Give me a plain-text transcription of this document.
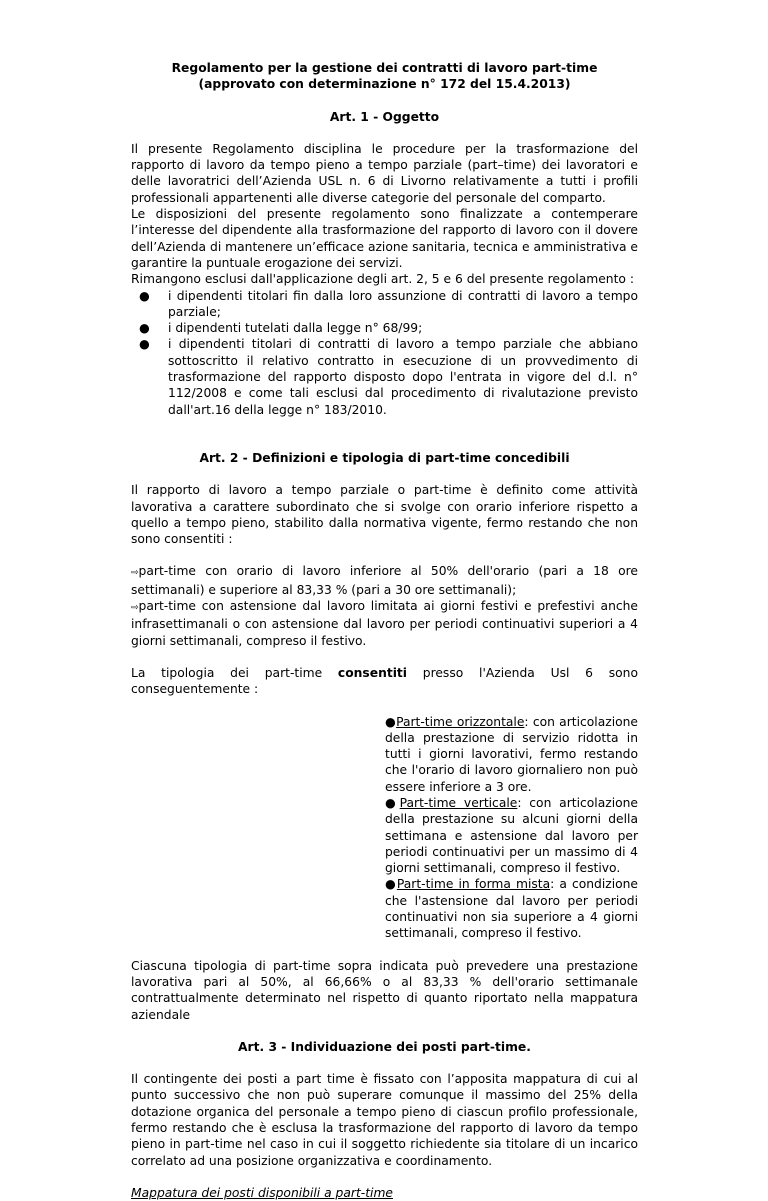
Regolamento per la gestione dei contratti di lavoro part-time

(approvato con determinazione n° 172 del 15.4.2013)

Art. 1 - Oggetto

Il presente Regolamento disciplina le procedure per la trasformazione del rapporto di lavoro da tempo pieno a tempo parziale (part–time) dei lavoratori e delle lavoratrici dell’Azienda USL n. 6 di Livorno relativamente a tutti i profili professionali appartenenti alle diverse categorie del personale del comparto.

Le disposizioni del presente regolamento sono finalizzate a contemperare l’interesse del dipendente alla trasformazione del rapporto di lavoro con il dovere dell’Azienda di mantenere un’efficace azione sanitaria, tecnica e amministrativa e garantire la puntuale erogazione dei servizi.

Rimangono esclusi dall'applicazione degli art. 2, 5 e 6 del presente regolamento :

● i dipendenti titolari fin dalla loro assunzione di contratti di lavoro a tempo parziale;
● i dipendenti tutelati dalla legge n° 68/99;
● i dipendenti titolari di contratti di lavoro a tempo parziale che abbiano sottoscritto il relativo contratto in esecuzione di un provvedimento di trasformazione del rapporto disposto dopo l'entrata in vigore del d.l. n° 112/2008 e come tali esclusi dal procedimento di rivalutazione previsto dall'art.16 della legge n° 183/2010.

Art. 2 - Definizioni e tipologia di part-time concedibili

Il rapporto di lavoro a tempo parziale o part-time è definito come attività lavorativa a carattere subordinato che si svolge con orario inferiore rispetto a quello a tempo pieno, stabilito dalla normativa vigente, fermo restando che non sono consentiti :

⇨part-time con orario di lavoro inferiore al 50% dell'orario (pari a 18 ore settimanali) e superiore al 83,33 % (pari a 30 ore settimanali);

⇨part-time con astensione dal lavoro limitata ai giorni festivi e prefestivi anche infrasettimanali o con astensione dal lavoro per periodi continuativi superiori a 4 giorni settimanali, compreso il festivo.

La tipologia dei part-time consentiti presso l'Azienda Usl 6 sono conseguentemente :

●Part-time orizzontale: con articolazione della prestazione di servizio ridotta in tutti i giorni lavorativi, fermo restando che l'orario di lavoro giornaliero non può essere inferiore a 3 ore.

●Part-time verticale: con articolazione della prestazione su alcuni giorni della settimana e astensione dal lavoro per periodi continuativi per un massimo di 4 giorni settimanali, compreso il festivo.

●Part-time in forma mista: a condizione che l'astensione dal lavoro per periodi continuativi non sia superiore a 4 giorni settimanali, compreso il festivo.

Ciascuna tipologia di part-time sopra indicata può prevedere una prestazione lavorativa pari al 50%, al 66,66% o al 83,33 % dell'orario settimanale contrattualmente determinato nel rispetto di quanto riportato nella mappatura aziendale

Art. 3 - Individuazione dei posti part-time.

Il contingente dei posti a part time è fissato con l’apposita mappatura di cui al punto successivo che non può superare comunque il massimo del 25% della dotazione organica del personale a tempo pieno di ciascun profilo professionale, fermo restando che è esclusa la trasformazione del rapporto di lavoro da tempo pieno in part-time nel caso in cui il soggetto richiedente sia titolare di un incarico correlato ad una posizione organizzativa e coordinamento.

Mappatura dei posti disponibili a part-time
